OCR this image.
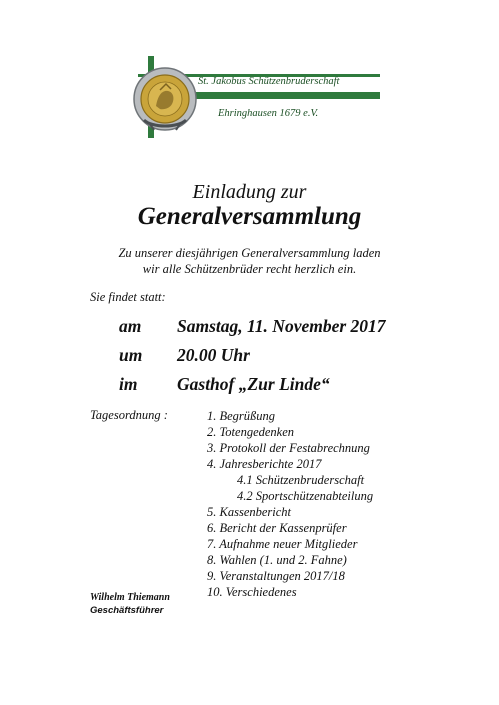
St. Jakobus Schützenbruderschaft
Ehringhausen 1679 e.V.
Einladung zur
Generalversammlung
Zu unserer diesjährigen Generalversammlung laden
wir alle Schützenbrüder recht herzlich ein.
Sie findet statt:
am Samstag, 11. November 2017
um 20.00 Uhr
im Gasthof „Zur Linde“
Tagesordnung :	1. Begrüßung
2. Totengedenken
3. Protokoll der Festabrechnung
4. Jahresberichte 2017
4.1 Schützenbruderschaft
4.2 Sportschützenabteilung
5. Kassenbericht
6. Bericht der Kassenprüfer
7. Aufnahme neuer Mitglieder
8. Wahlen (1. und 2. Fahne)
9. Veranstaltungen 2017/18
10. Verschiedenes
Wilhelm Thiemann
Geschäftsführer
